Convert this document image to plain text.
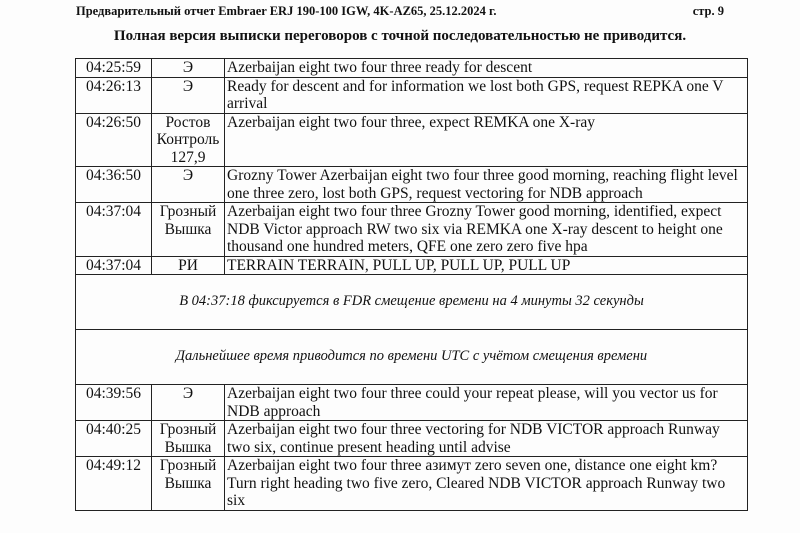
Предварительный отчет Embraer ERJ 190-100 IGW, 4K-AZ65, 25.12.2024 г.	стр. 9
Полная версия выписки переговоров с точной последовательностью не приводится.
04:25:59	Э	Azerbaijan eight two four three ready for descent
04:26:13	Э	Ready for descent and for information we lost both GPS, request REPKA one V arrival
04:26:50	Ростов Контроль 127,9	Azerbaijan eight two four three, expect REMKA one X-ray
04:36:50	Э	Grozny Tower Azerbaijan eight two four three good morning, reaching flight level one three zero, lost both GPS, request vectoring for NDB approach
04:37:04	Грозный Вышка	Azerbaijan eight two four three Grozny Tower good morning, identified, expect NDB Victor approach RW two six via REMKA one X-ray descent to height one thousand one hundred meters, QFE one zero zero five hpa
04:37:04	РИ	TERRAIN TERRAIN, PULL UP, PULL UP, PULL UP
В 04:37:18 фиксируется в FDR смещение времени на 4 минуты 32 секунды		
Дальнейшее время приводится по времени UTC с учётом смещения времени		
04:39:56	Э	Azerbaijan eight two four three could your repeat please, will you vector us for NDB approach
04:40:25	Грозный Вышка	Azerbaijan eight two four three vectoring for NDB VICTOR approach Runway two six, continue present heading until advise
04:49:12	Грозный Вышка	Azerbaijan eight two four three азимут zero seven one, distance one eight km? Turn right heading two five zero, Cleared NDB VICTOR approach Runway two six
